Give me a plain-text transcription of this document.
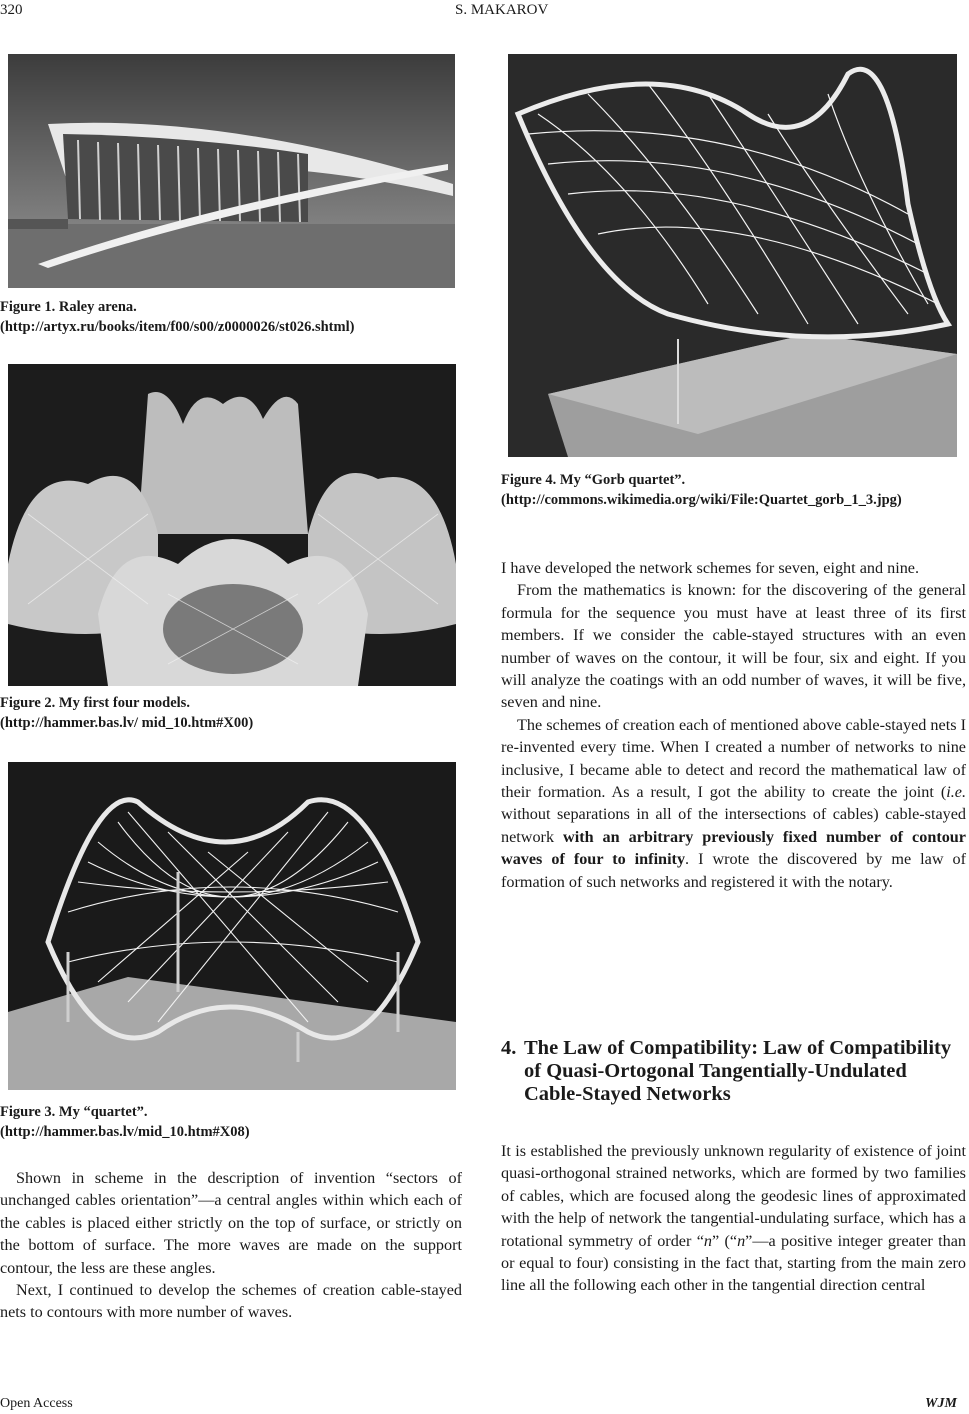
320	S. MAKAROV
Figure 1. Raley arena.
(http://artyx.ru/books/item/f00/s00/z0000026/st026.shtml)
Figure 2. My first four models.
(http://hammer.bas.lv/ mid_10.htm#X00)
Figure 3. My “quartet”.
(http://hammer.bas.lv/mid_10.htm#X08)
Figure 4. My “Gorb quartet”.
(http://commons.wikimedia.org/wiki/File:Quartet_gorb_1_3.jpg)

Shown in scheme in the description of invention “sectors of unchanged cables orientation”—a central angles within which each of the cables is placed either strictly on the top of surface, or strictly on the bottom of surface. The more waves are made on the support contour, the less are these angles.

Next, I continued to develop the schemes of creation cable-stayed nets to contours with more number of waves.

I have developed the network schemes for seven, eight and nine.

From the mathematics is known: for the discovering of the general formula for the sequence you must have at least three of its first members. If we consider the cable-stayed structures with an even number of waves on the contour, it will be four, six and eight. If you will analyze the coatings with an odd number of waves, it will be five, seven and nine.

The schemes of creation each of mentioned above cable-stayed nets I re-invented every time. When I created a number of networks to nine inclusive, I became able to detect and record the mathematical law of their formation. As a result, I got the ability to create the joint (i.e. without separations in all of the intersections of cables) cable-stayed network with an arbitrary previously fixed number of contour waves of four to infinity. I wrote the discovered by me law of formation of such networks and registered it with the notary.

4. The Law of Compatibility: Law of Compatibility of Quasi-Ortogonal Tangentially-Undulated Cable-Stayed Networks

It is established the previously unknown regularity of existence of joint quasi-orthogonal strained networks, which are formed by two families of cables, which are focused along the geodesic lines of approximated with the help of network the tangential-undulating surface, which has a rotational symmetry of order “n” (“n”—a positive integer greater than or equal to four) consisting in the fact that, starting from the main zero line all the following each other in the tangential direction central

Open Access	WJM
